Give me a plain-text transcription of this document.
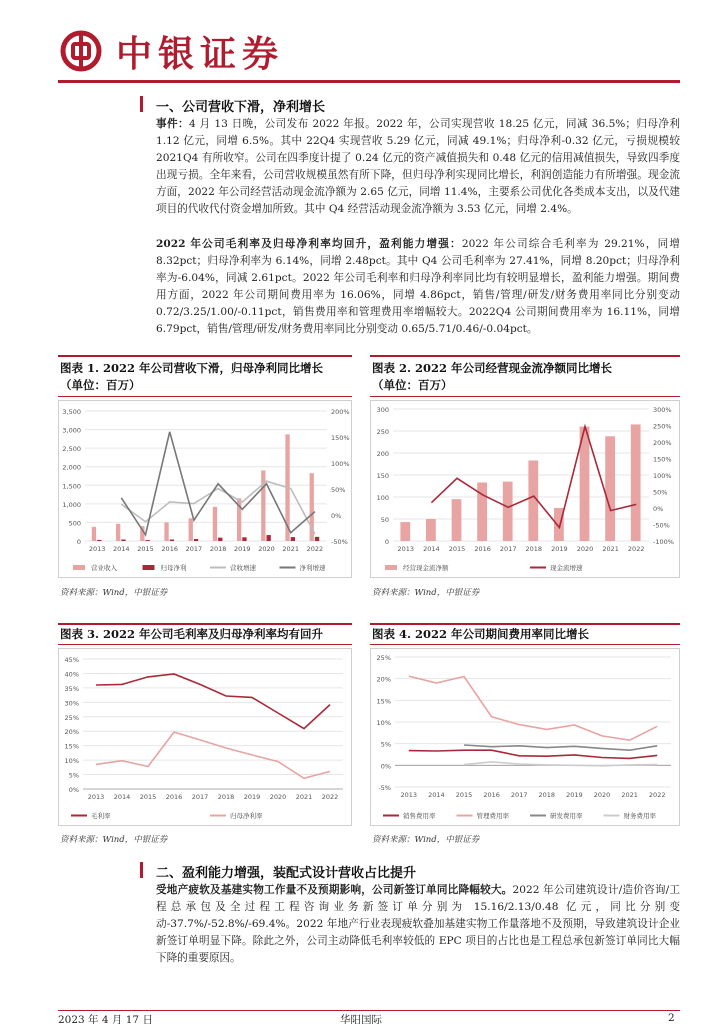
中银证券
一、公司营收下滑，净利增长
事件：4 月 13 日晚，公司发布 2022 年报。2022 年，公司实现营收 18.25 亿元，同减 36.5%；归母净利 1.12 亿元，同增 6.5%。其中 22Q4 实现营收 5.29 亿元，同减 49.1%；归母净利-0.32 亿元，亏损规模较 2021Q4 有所收窄。公司在四季度计提了 0.24 亿元的资产减值损失和 0.48 亿元的信用减值损失，导致四季度出现亏损。全年来看，公司营收规模虽然有所下降，但归母净利实现同比增长，利润创造能力有所增强。现金流方面，2022 年公司经营活动现金流净额为 2.65 亿元，同增 11.4%，主要系公司优化各类成本支出，以及代建项目的代收代付资金增加所致。其中 Q4 经营活动现金流净额为 3.53 亿元，同增 2.4%。
2022 年公司毛利率及归母净利率均回升，盈利能力增强：2022 年公司综合毛利率为 29.21%，同增 8.32pct；归母净利率为 6.14%，同增 2.48pct。其中 Q4 公司毛利率为 27.41%，同增 8.20pct；归母净利率为-6.04%，同减 2.61pct。2022 年公司毛利率和归母净利率同比均有较明显增长，盈利能力增强。期间费用方面，2022 年公司期间费用率为 16.06%，同增 4.86pct，销售/管理/研发/财务费用率同比分别变动 0.72/3.25/1.00/-0.11pct，销售费用率和管理费用率增幅较大。2022Q4 公司期间费用率为 16.11%，同增 6.79pct，销售/管理/研发/财务费用率同比分别变动 0.65/5.71/0.46/-0.04pct。
图表 1. 2022 年公司营收下滑，归母净利同比增长
（单位：百万）
0
500
1,000
1,500
2,000
2,500
3,000
3,500
-50%
0%
50%
100%
150%
200%
2013 2014 2015 2016 2017 2018 2019 2020 2021 2022
营业收入	归母净利	营收增速	净利增速
资料来源：Wind，中银证券
图表 2. 2022 年公司经营现金流净额同比增长
（单位：百万）
0
50
100
150
200
250
300
-100%
-50%
0%
50%
100%
150%
200%
250%
300%
2013 2014 2015 2016 2017 2018 2019 2020 2021 2022
经营现金流净额	现金流增速
资料来源：Wind，中银证券
图表 3. 2022 年公司毛利率及归母净利率均有回升
0%
5%
10%
15%
20%
25%
30%
35%
40%
45%
2013 2014 2015 2016 2017 2018 2019 2020 2021 2022
毛利率	归母净利率
资料来源：Wind，中银证券
图表 4. 2022 年公司期间费用率同比增长
-5%
0%
5%
10%
15%
20%
25%
2013 2014 2015 2016 2017 2018 2019 2020 2021 2022
销售费用率	管理费用率	研发费用率	财务费用率
资料来源：Wind，中银证券
二、盈利能力增强，装配式设计营收占比提升
受地产疲软及基建实物工作量不及预期影响，公司新签订单同比降幅较大。2022 年公司建筑设计/造价咨询/工程总承包及全过程工程咨询业务新签订单分别为 15.16/2.13/0.48 亿元，同比分别变动-37.7%/-52.8%/-69.4%。2022 年地产行业表现疲软叠加基建实物工作量落地不及预期，导致建筑设计企业新签订单明显下降。除此之外，公司主动降低毛利率较低的 EPC 项目的占比也是工程总承包新签订单同比大幅下降的重要原因。
2023 年 4 月 17 日	华阳国际	2
